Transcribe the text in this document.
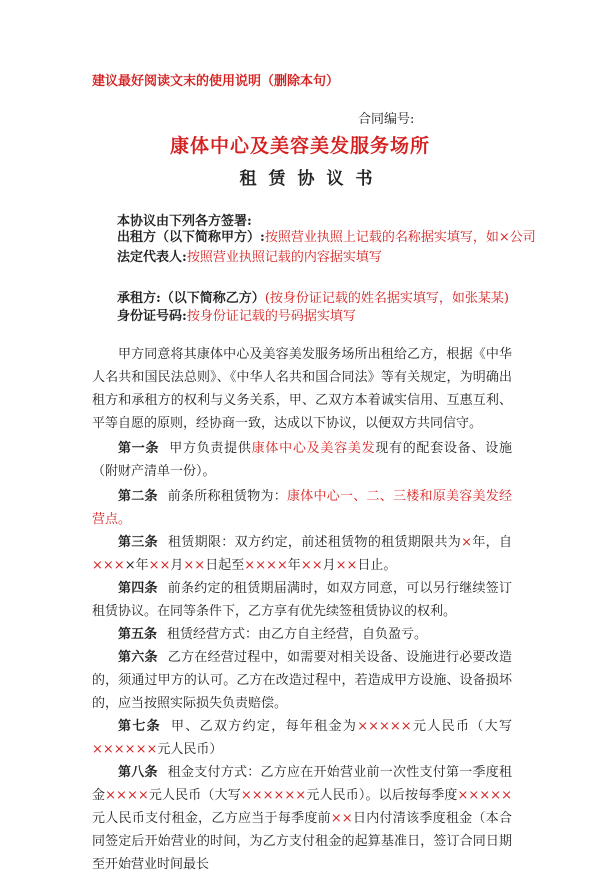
建议最好阅读文末的使用说明（删除本句）
合同编号:
康体中心及美容美发服务场所
租赁协议书
本协议由下列各方签署:
出租方（以下简称甲方）:按照营业执照上记载的名称据实填写，如×公司
法定代表人:按照营业执照记载的内容据实填写
承租方:（以下简称乙方）(按身份证记载的姓名据实填写，如张某某)
身份证号码:按身份证记载的号码据实填写

甲方同意将其康体中心及美容美发服务场所出租给乙方，根据《中华人名共和国民法总则》、《中华人名共和国合同法》等有关规定，为明确出租方和承租方的权利与义务关系，甲、乙双方本着诚实信用、互惠互利、平等自愿的原则，经协商一致，达成以下协议，以便双方共同信守。

第一条 甲方负责提供康体中心及美容美发现有的配套设备、设施（附财产清单一份）。

第二条 前条所称租赁物为：康体中心一、二、三楼和原美容美发经营点。

第三条 租赁期限：双方约定，前述租赁物的租赁期限共为×年，自××××年××月××日起至××××年××月××日止。

第四条 前条约定的租赁期届满时，如双方同意，可以另行继续签订租赁协议。在同等条件下，乙方享有优先续签租赁协议的权利。

第五条 租赁经营方式：由乙方自主经营，自负盈亏。

第六条 乙方在经营过程中，如需要对相关设备、设施进行必要改造的，须通过甲方的认可。乙方在改造过程中，若造成甲方设施、设备损坏的，应当按照实际损失负责赔偿。

第七条 甲、乙双方约定，每年租金为×××××元人民币（大写××××××元人民币）

第八条 租金支付方式：乙方应在开始营业前一次性支付第一季度租金××××元人民币（大写××××××元人民币）。以后按每季度×××××元人民币支付租金，乙方应当于每季度前××日内付清该季度租金（本合同签定后开始营业的时间，为乙方支付租金的起算基准日，签订合同日期至开始营业时间最长
